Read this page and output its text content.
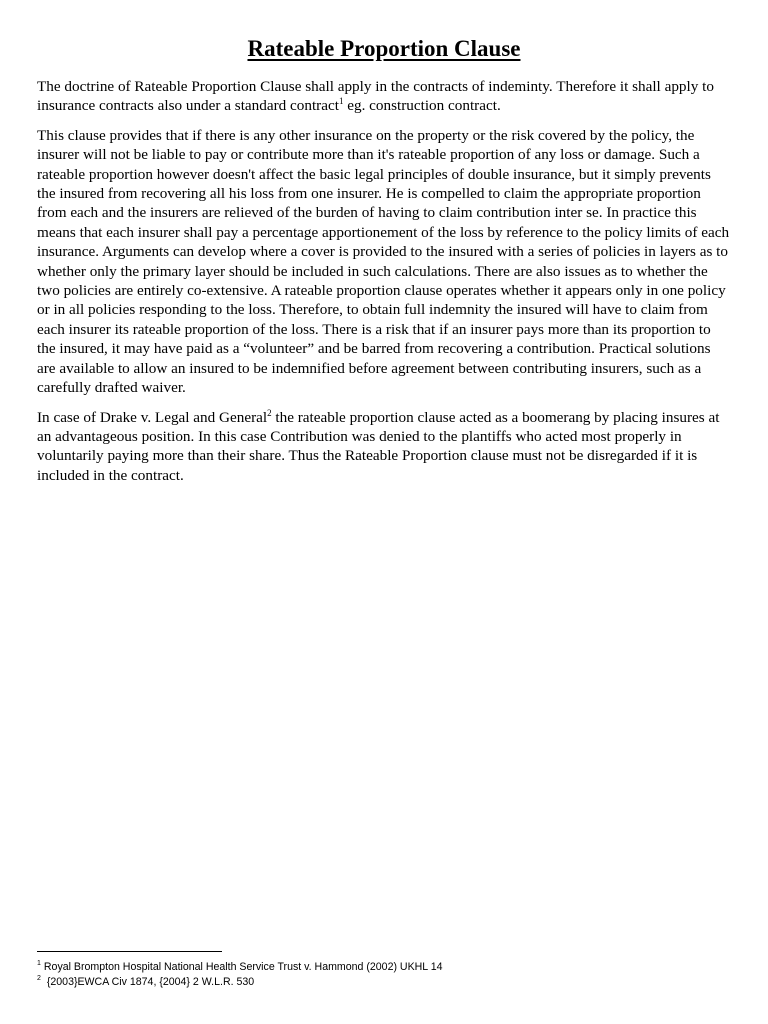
Rateable Proportion Clause

The doctrine of Rateable Proportion Clause shall apply in the contracts of indeminty. Therefore it shall apply to insurance contracts also under a standard contract$^1$ eg. construction contract.

This clause provides that if there is any other insurance on the property or the risk covered by the policy, the insurer will not be liable to pay or contribute more than it's rateable proportion of any loss or damage. Such a rateable proportion however doesn't affect the basic legal principles of double insurance, but it simply prevents the insured from recovering all his loss from one insurer. He is compelled to claim the appropriate proportion from each and the insurers are relieved of the burden of having to claim contribution inter se. In practice this means that each insurer shall pay a percentage apportionement of the loss by reference to the policy limits of each insurance. Arguments can develop where a cover is provided to the insured with a series of policies in layers as to whether only the primary layer should be included in such calculations. There are also issues as to whether the two policies are entirely co-extensive. A rateable proportion clause operates whether it appears only in one policy or in all policies responding to the loss. Therefore, to obtain full indemnity the insured will have to claim from each insurer its rateable proportion of the loss. There is a risk that if an insurer pays more than its proportion to the insured, it may have paid as a “volunteer” and be barred from recovering a contribution. Practical solutions are available to allow an insured to be indemnified before agreement between contributing insurers, such as a carefully drafted waiver.

In case of Drake v. Legal and General$^2$ the rateable proportion clause acted as a boomerang by placing insures at an advantageous position. In this case Contribution was denied to the plantiffs who acted most properly in voluntarily paying more than their share. Thus the Rateable Proportion clause must not be disregarded if it is included in the contract.

$^1$ Royal Brompton Hospital National Health Service Trust v. Hammond (2002) UKHL 14
$^2$ {2003}EWCA Civ 1874, {2004} 2 W.L.R. 530
